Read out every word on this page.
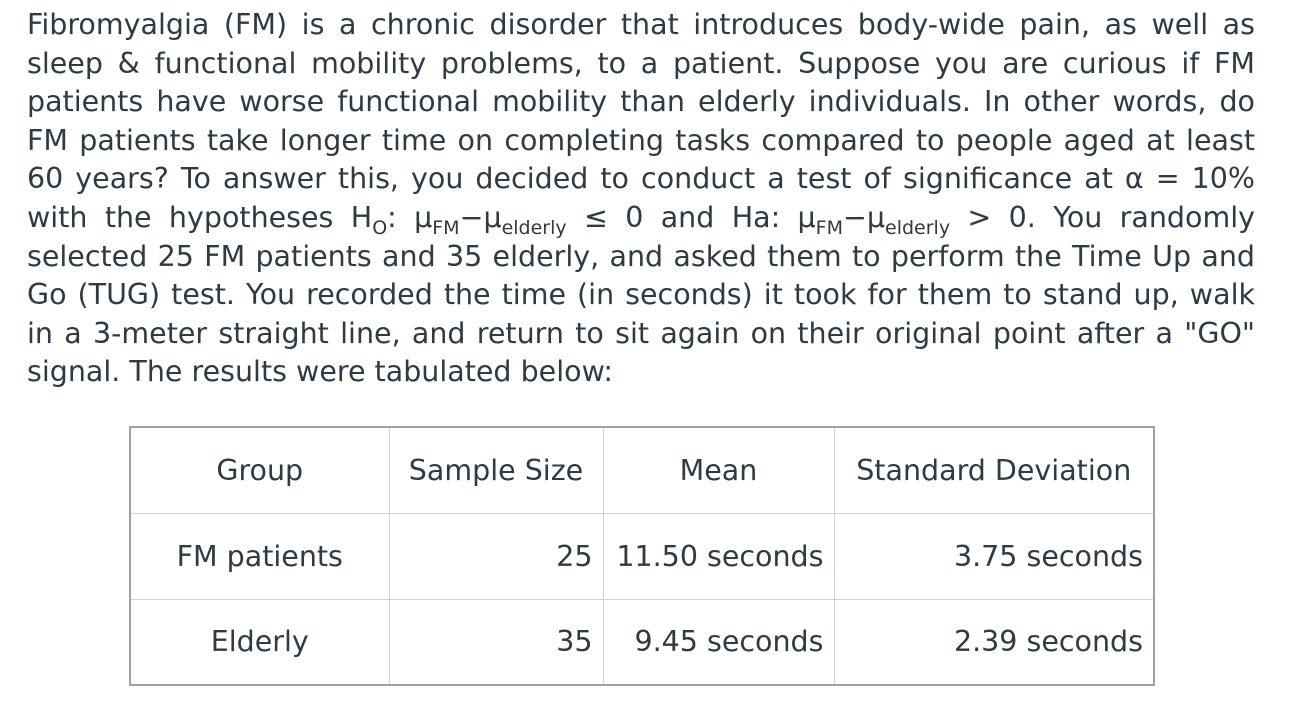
Fibromyalgia (FM) is a chronic disorder that introduces body-wide pain, as well as sleep & functional mobility problems, to a patient. Suppose you are curious if FM patients have worse functional mobility than elderly individuals. In other words, do FM patients take longer time on completing tasks compared to people aged at least 60 years? To answer this, you decided to conduct a test of significance at α = 10% with the hypotheses $H_O$: $\mu_{FM}-\mu_{elderly} \le 0$ and Ha: $\mu_{FM}-\mu_{elderly} > 0$. You randomly selected 25 FM patients and 35 elderly, and asked them to perform the Time Up and Go (TUG) test. You recorded the time (in seconds) it took for them to stand up, walk in a 3-meter straight line, and return to sit again on their original point after a "GO" signal. The results were tabulated below:

Group	Sample Size	Mean	Standard Deviation
FM patients	25	11.50 seconds	3.75 seconds
Elderly	35	9.45 seconds	2.39 seconds
